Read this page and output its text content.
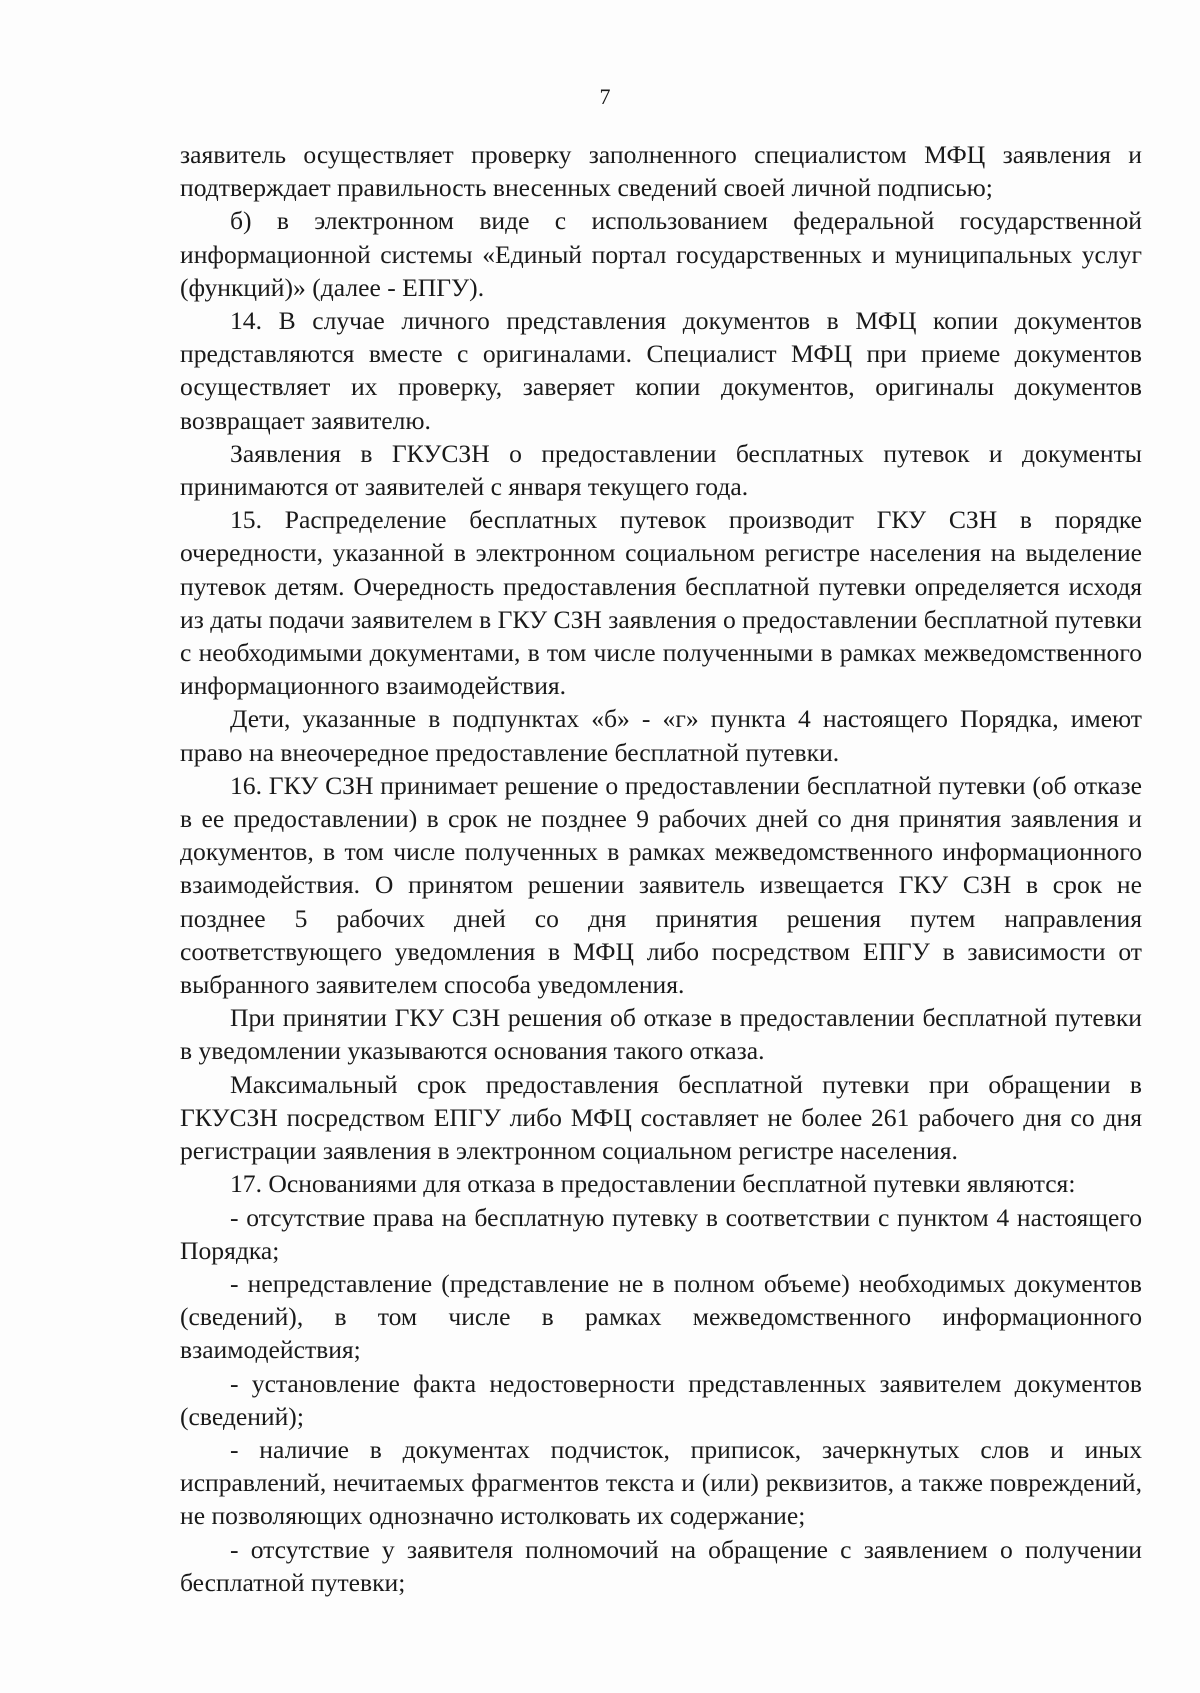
7

заявитель осуществляет проверку заполненного специалистом МФЦ заявления и подтверждает правильность внесенных сведений своей личной подписью;

б) в электронном виде с использованием федеральной государственной информационной системы «Единый портал государственных и муниципальных услуг (функций)» (далее - ЕПГУ).

14. В случае личного представления документов в МФЦ копии документов представляются вместе с оригиналами. Специалист МФЦ при приеме документов осуществляет их проверку, заверяет копии документов, оригиналы документов возвращает заявителю.

Заявления в ГКУСЗН о предоставлении бесплатных путевок и документы принимаются от заявителей с января текущего года.

15. Распределение бесплатных путевок производит ГКУ СЗН в порядке очередности, указанной в электронном социальном регистре населения на выделение путевок детям. Очередность предоставления бесплатной путевки определяется исходя из даты подачи заявителем в ГКУ СЗН заявления о предоставлении бесплатной путевки с необходимыми документами, в том числе полученными в рамках межведомственного информационного взаимодействия.

Дети, указанные в подпунктах «б» - «г» пункта 4 настоящего Порядка, имеют право на внеочередное предоставление бесплатной путевки.

16. ГКУ СЗН принимает решение о предоставлении бесплатной путевки (об отказе в ее предоставлении) в срок не позднее 9 рабочих дней со дня принятия заявления и документов, в том числе полученных в рамках межведомственного информационного взаимодействия. О принятом решении заявитель извещается ГКУ СЗН в срок не позднее 5 рабочих дней со дня принятия решения путем направления соответствующего уведомления в МФЦ либо посредством ЕПГУ в зависимости от выбранного заявителем способа уведомления.

При принятии ГКУ СЗН решения об отказе в предоставлении бесплатной путевки в уведомлении указываются основания такого отказа.

Максимальный срок предоставления бесплатной путевки при обращении в ГКУСЗН посредством ЕПГУ либо МФЦ составляет не более 261 рабочего дня со дня регистрации заявления в электронном социальном регистре населения.

17. Основаниями для отказа в предоставлении бесплатной путевки являются:

- отсутствие права на бесплатную путевку в соответствии с пунктом 4 настоящего Порядка;

- непредставление (представление не в полном объеме) необходимых документов (сведений), в том числе в рамках межведомственного информационного взаимодействия;

- установление факта недостоверности представленных заявителем документов (сведений);

- наличие в документах подчисток, приписок, зачеркнутых слов и иных исправлений, нечитаемых фрагментов текста и (или) реквизитов, а также повреждений, не позволяющих однозначно истолковать их содержание;

- отсутствие у заявителя полномочий на обращение с заявлением о получении бесплатной путевки;
